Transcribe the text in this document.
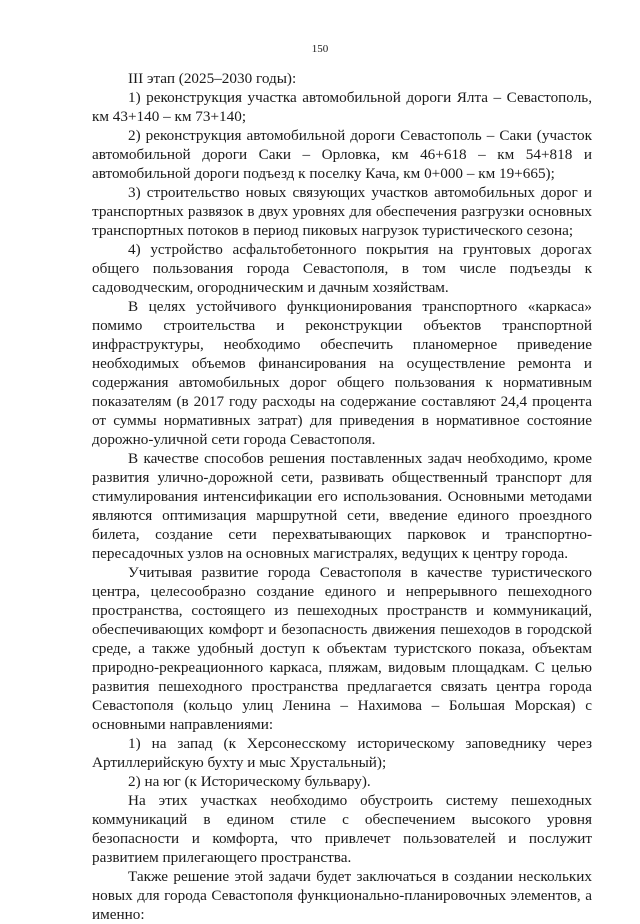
150

III этап (2025–2030 годы):

1) реконструкция участка автомобильной дороги Ялта – Севастополь, км 43+140 – км 73+140;

2) реконструкция автомобильной дороги Севастополь – Саки (участок автомобильной дороги Саки – Орловка, км 46+618 – км 54+818 и автомобильной дороги подъезд к поселку Кача, км 0+000 – км 19+665);

3) строительство новых связующих участков автомобильных дорог и транспортных развязок в двух уровнях для обеспечения разгрузки основных транспортных потоков в период пиковых нагрузок туристического сезона;

4) устройство асфальтобетонного покрытия на грунтовых дорогах общего пользования города Севастополя, в том числе подъезды к садоводческим, огородническим и дачным хозяйствам.

В целях устойчивого функционирования транспортного «каркаса» помимо строительства и реконструкции объектов транспортной инфраструктуры, необходимо обеспечить планомерное приведение необходимых объемов финансирования на осуществление ремонта и содержания автомобильных дорог общего пользования к нормативным показателям (в 2017 году расходы на содержание составляют 24,4 процента от суммы нормативных затрат) для приведения в нормативное состояние дорожно-уличной сети города Севастополя.

В качестве способов решения поставленных задач необходимо, кроме развития улично-дорожной сети, развивать общественный транспорт для стимулирования интенсификации его использования. Основными методами являются оптимизация маршрутной сети, введение единого проездного билета, создание сети перехватывающих парковок и транспортно-пересадочных узлов на основных магистралях, ведущих к центру города.

Учитывая развитие города Севастополя в качестве туристического центра, целесообразно создание единого и непрерывного пешеходного пространства, состоящего из пешеходных пространств и коммуникаций, обеспечивающих комфорт и безопасность движения пешеходов в городской среде, а также удобный доступ к объектам туристского показа, объектам природно-рекреационного каркаса, пляжам, видовым площадкам. С целью развития пешеходного пространства предлагается связать центра города Севастополя (кольцо улиц Ленина – Нахимова – Большая Морская) с основными направлениями:

1) на запад (к Херсонесскому историческому заповеднику через Артиллерийскую бухту и мыс Хрустальный);

2) на юг (к Историческому бульвару).

На этих участках необходимо обустроить систему пешеходных коммуникаций в едином стиле с обеспечением высокого уровня безопасности и комфорта, что привлечет пользователей и послужит развитием прилегающего пространства.

Также решение этой задачи будет заключаться в создании нескольких новых для города Севастополя функционально-планировочных элементов, а именно:
